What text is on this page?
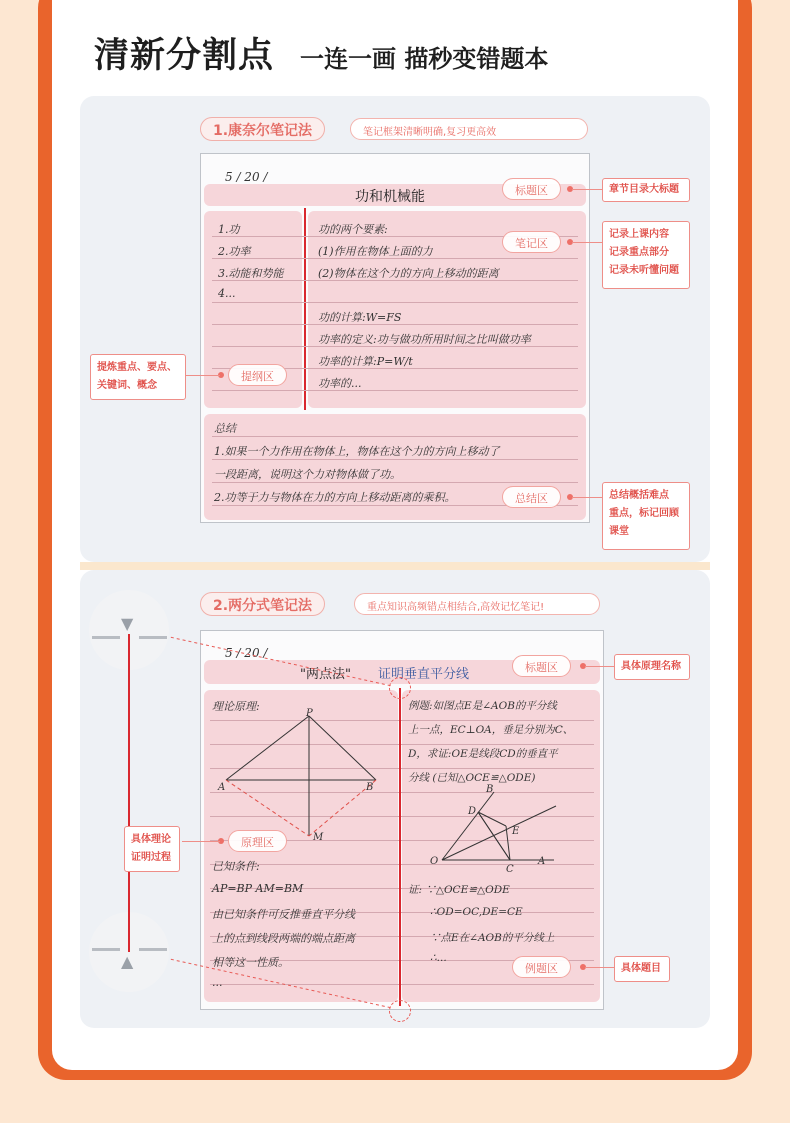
清新分割点 一连一画 描秒变错题本
1.康奈尔笔记法	笔记框架清晰明确,复习更高效
5 / 20 /
功和机械能
1.功
2.功率
3.动能和势能
4...
功的两个要素:
(1)作用在物体上面的力
(2)物体在这个力的方向上移动的距离
功的计算:W=FS
功率的定义:功与做功所用时间之比叫做功率
功率的计算:P=W/t
功率的...
总结
1.如果一个力作用在物体上，物体在这个力的方向上移动了
一段距离，说明这个力对物体做了功。
2.功等于力与物体在力的方向上移动距离的乘积。
标题区
笔记区
提纲区
总结区
章节目录大标题
记录上课内容
记录重点部分
记录未听懂问题
提炼重点、要点、
关键词、概念
总结概括难点
重点，标记回顾
课堂
2.两分式笔记法	重点知识高频错点相结合,高效记忆笔记!
5 / 20 /
"两点法" 证明垂直平分线
理论原理:
已知条件:
AP=BP AM=BM
由已知条件可反推垂直平分线
上的点到线段两端的端点距离
相等这一性质。
...
例题:如图点E是∠AOB的平分线
上一点，EC⊥OA，垂足分别为C、
D，求证:OE是线段CD的垂直平
分线 (已知△OCE≌△ODE)
证: ∵△OCE≌△ODE
∴OD=OC,DE=CE
∵点E在∠AOB的平分线上
∴...
P
A	B
M
B
D
E
O
C
A
▼
▲
标题区
原理区
例题区
具体原理名称
具体理论
证明过程
具体题目
